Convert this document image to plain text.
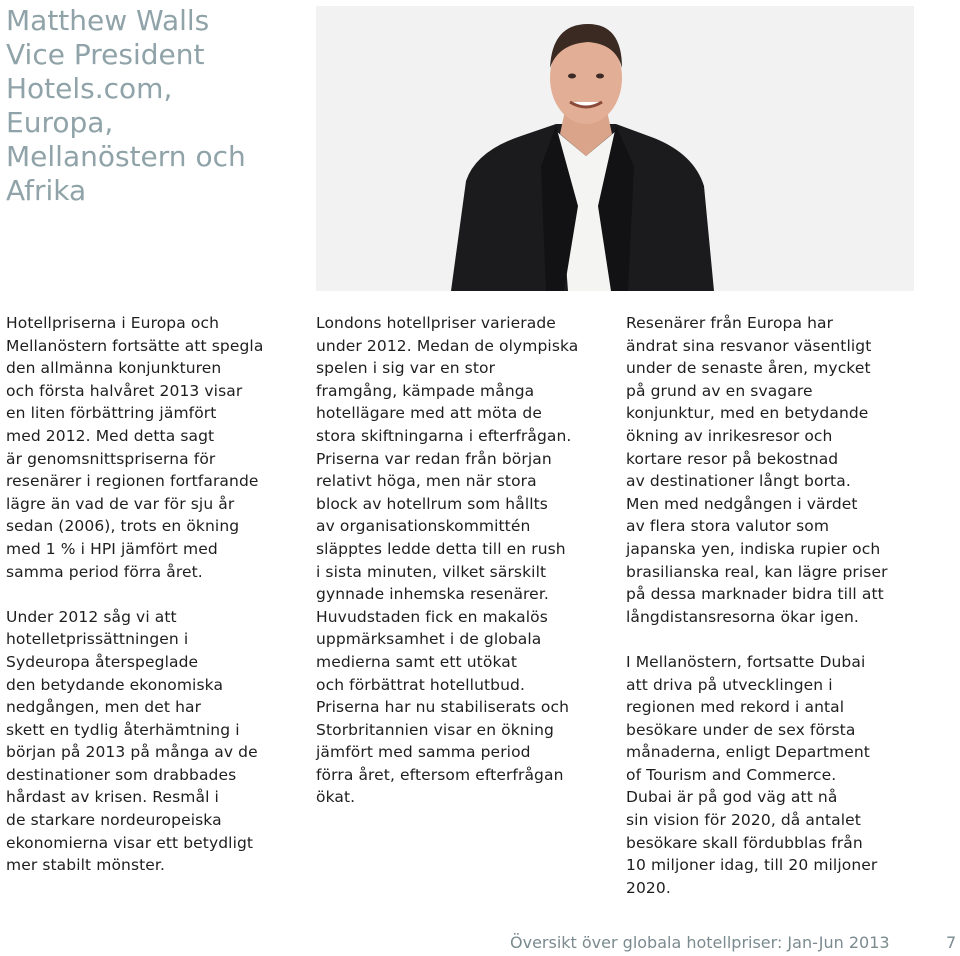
Matthew Walls
Vice President
Hotels.com,
Europa,
Mellanöstern och
Afrika

Hotellpriserna i Europa och
Mellanöstern fortsätte att spegla
den allmänna konjunkturen
och första halvåret 2013 visar
en liten förbättring jämfört
med 2012. Med detta sagt
är genomsnittspriserna för
resenärer i regionen fortfarande
lägre än vad de var för sju år
sedan (2006), trots en ökning
med 1 % i HPI jämfört med
samma period förra året.

Under 2012 såg vi att
hotelletprissättningen i
Sydeuropa återspeglade
den betydande ekonomiska
nedgången, men det har
skett en tydlig återhämtning i
början på 2013 på många av de
destinationer som drabbades
hårdast av krisen. Resmål i
de starkare nordeuropeiska
ekonomierna visar ett betydligt
mer stabilt mönster.

Londons hotellpriser varierade
under 2012. Medan de olympiska
spelen i sig var en stor
framgång, kämpade många
hotellägare med att möta de
stora skiftningarna i efterfrågan.
Priserna var redan från början
relativt höga, men när stora
block av hotellrum som hållts
av organisationskommittén
släpptes ledde detta till en rush
i sista minuten, vilket särskilt
gynnade inhemska resenärer.
Huvudstaden fick en makalös
uppmärksamhet i de globala
medierna samt ett utökat
och förbättrat hotellutbud.
Priserna har nu stabiliserats och
Storbritannien visar en ökning
jämfört med samma period
förra året, eftersom efterfrågan
ökat.

Resenärer från Europa har
ändrat sina resvanor väsentligt
under de senaste åren, mycket
på grund av en svagare
konjunktur, med en betydande
ökning av inrikesresor och
kortare resor på bekostnad
av destinationer långt borta.
Men med nedgången i värdet
av flera stora valutor som
japanska yen, indiska rupier och
brasilianska real, kan lägre priser
på dessa marknader bidra till att
långdistansresorna ökar igen.

I Mellanöstern, fortsatte Dubai
att driva på utvecklingen i
regionen med rekord i antal
besökare under de sex första
månaderna, enligt Department
of Tourism and Commerce.
Dubai är på god väg att nå
sin vision för 2020, då antalet
besökare skall fördubblas från
10 miljoner idag, till 20 miljoner
2020.

Översikt över globala hotellpriser: Jan-Jun 2013	7
